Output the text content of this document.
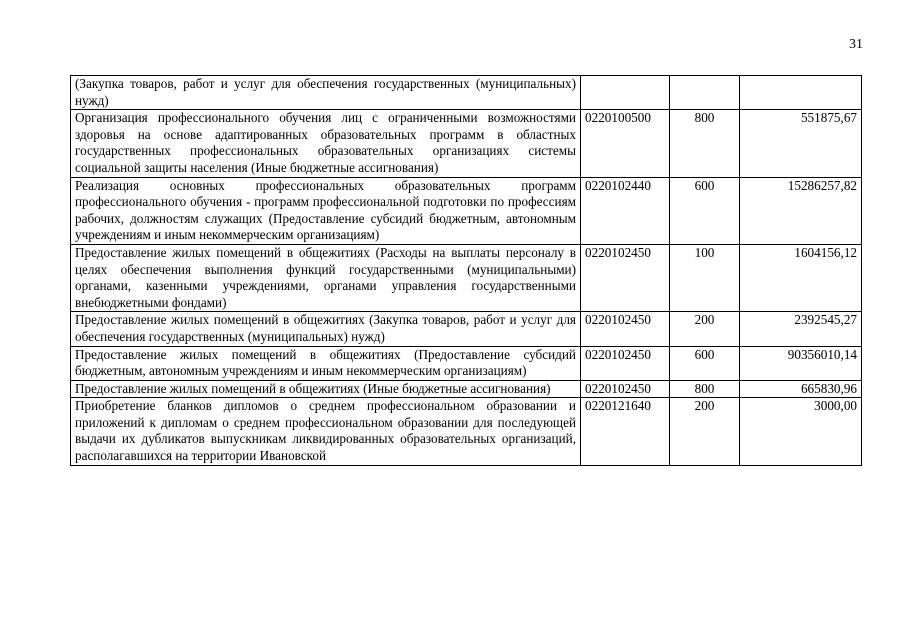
31
(Закупка товаров, работ и услуг для обеспечения государственных (муниципальных) нужд)			
Организация профессионального обучения лиц с ограниченными возможностями здоровья на основе адаптированных образовательных программ в областных государственных профессиональных образовательных организациях системы социальной защиты населения (Иные бюджетные ассигнования)	0220100500	800	551875,67
Реализация основных профессиональных образовательных программ профессионального обучения - программ профессиональной подготовки по профессиям рабочих, должностям служащих (Предоставление субсидий бюджетным, автономным учреждениям и иным некоммерческим организациям)	0220102440	600	15286257,82
Предоставление жилых помещений в общежитиях (Расходы на выплаты персоналу в целях обеспечения выполнения функций государственными (муниципальными) органами, казенными учреждениями, органами управления государственными внебюджетными фондами)	0220102450	100	1604156,12
Предоставление жилых помещений в общежитиях (Закупка товаров, работ и услуг для обеспечения государственных (муниципальных) нужд)	0220102450	200	2392545,27
Предоставление жилых помещений в общежитиях (Предоставление субсидий бюджетным, автономным учреждениям и иным некоммерческим организациям)	0220102450	600	90356010,14
Предоставление жилых помещений в общежитиях (Иные бюджетные ассигнования)	0220102450	800	665830,96
Приобретение бланков дипломов о среднем профессиональном образовании и приложений к дипломам о среднем профессиональном образовании для последующей выдачи их дубликатов выпускникам ликвидированных образовательных организаций, располагавшихся на территории Ивановской	0220121640	200	3000,00
